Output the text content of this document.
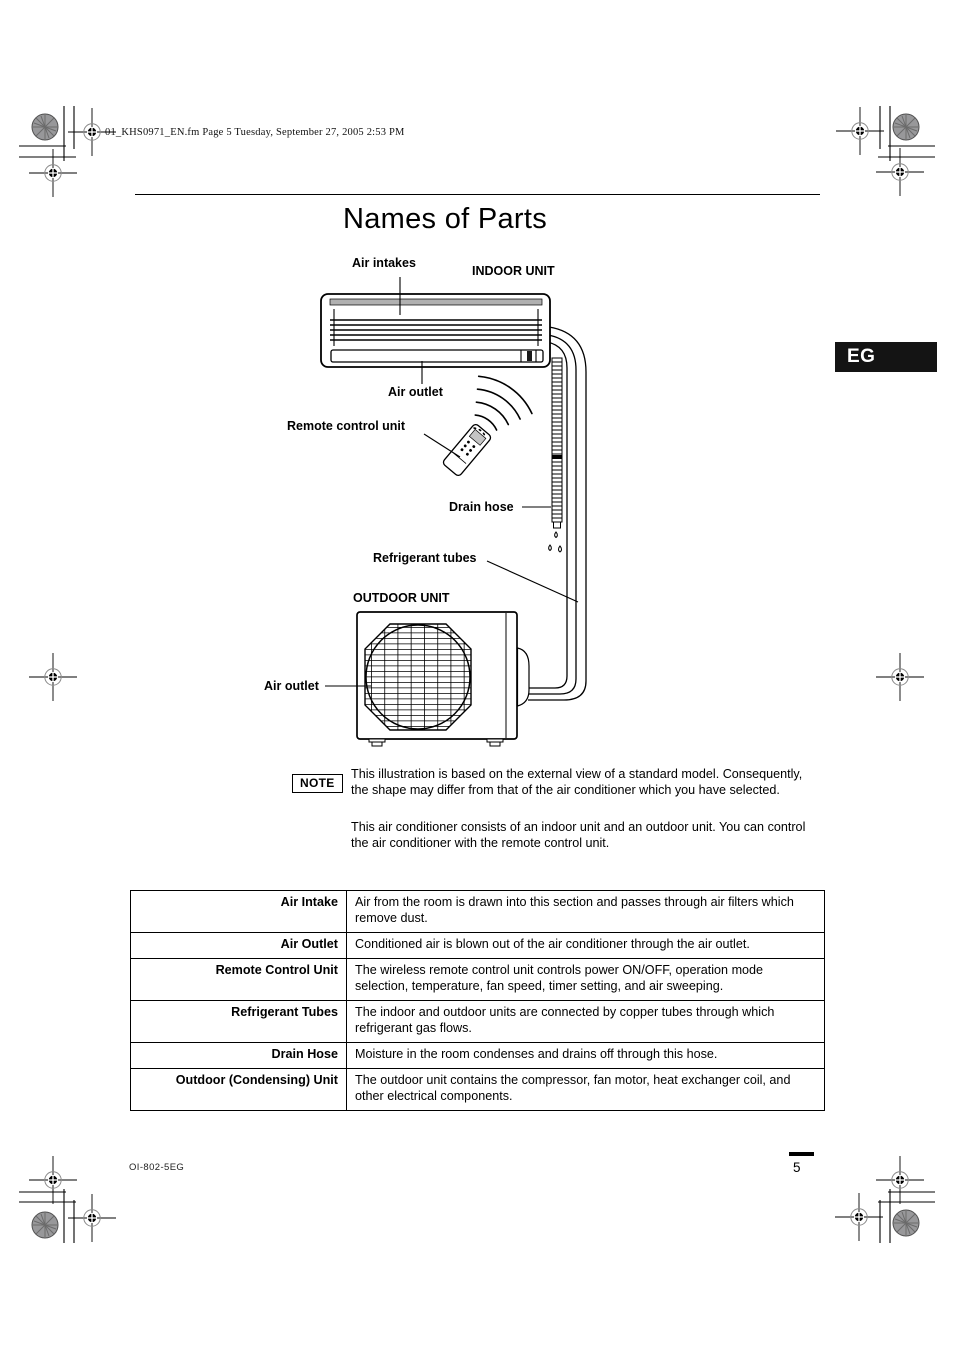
01_KHS0971_EN.fm Page 5 Tuesday, September 27, 2005 2:53 PM
Names of Parts
EG
Air intakes
INDOOR UNIT
Air outlet
Remote control unit
Drain hose
Refrigerant tubes
OUTDOOR UNIT
Air outlet
NOTE

This illustration is based on the external view of a standard model. Consequently, the shape may differ from that of the air conditioner which you have selected.

This air conditioner consists of an indoor unit and an outdoor unit. You can control the air conditioner with the remote control unit.

Air Intake	Air from the room is drawn into this section and passes through air filters which remove dust.
Air Outlet	Conditioned air is blown out of the air conditioner through the air outlet.
Remote Control Unit	The wireless remote control unit controls power ON/OFF, operation mode selection, temperature, fan speed, timer setting, and air sweeping.
Refrigerant Tubes	The indoor and outdoor units are connected by copper tubes through which refrigerant gas flows.
Drain Hose	Moisture in the room condenses and drains off through this hose.
Outdoor (Condensing) Unit	The outdoor unit contains the compressor, fan motor, heat exchanger coil, and other electrical components.
OI-802-5EG	5
